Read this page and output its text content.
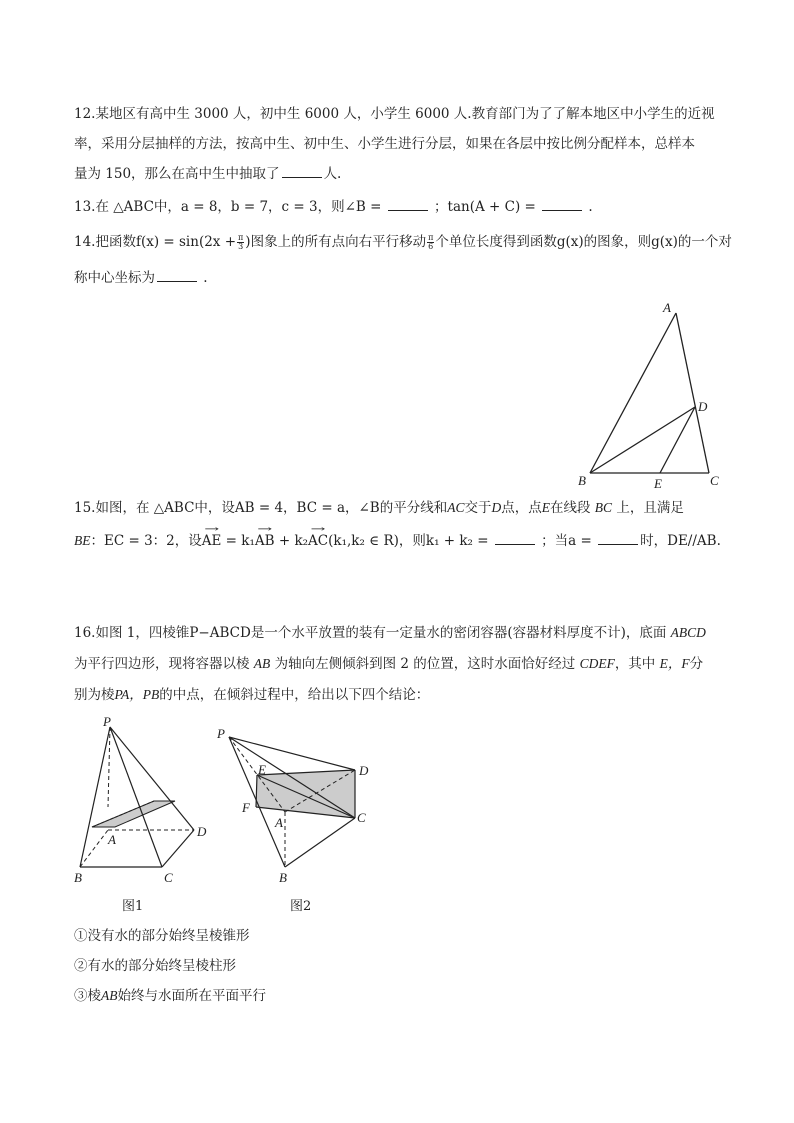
12.某地区有高中生 3000 人，初中生 6000 人，小学生 6000 人.教育部门为了了解本地区中小学生的近视
率，采用分层抽样的方法，按高中生、初中生、小学生进行分层，如果在各层中按比例分配样本，总样本
量为 150，那么在高中生中抽取了	人.
13.在 △ABC中，a = 8，b = 7，c = 3，则∠B =	；tan(A + C) =	.
14.把函数$f(x) = \sin(2x + \frac{\pi}{3}$ )图象上的所有点向右平行移动 $\frac{\pi}{6}$ 个单位长度得到函数g(x)的图象，则g(x)的一个对
称中心坐标为	.
A
B	C
D
E
15.如图，在 △ABC中，设AB = 4，BC = a，∠B的平分线和AC交于D点，点E在线段 BC 上，且满足
BE：EC = 3：2，设→ AE = k₁→ AB + k₂→ AC(k₁,k₂ ∈ R)，则k₁ + k₂ =	；当a =	时，DE//AB.
16.如图 1，四棱锥P−ABCD是一个水平放置的装有一定量水的密闭容器(容器材料厚度不计)，底面 ABCD
为平行四边形，现将容器以棱 AB 为轴向左侧倾斜到图 2 的位置，这时水面恰好经过 CDEF，其中 E，F分
别为棱PA，PB的中点，在倾斜过程中，给出以下四个结论：
P
A
B	C
D
图1
P
E
F
A
B
C
D
图2
①没有水的部分始终呈棱锥形
②有水的部分始终呈棱柱形
③棱AB始终与水面所在平面平行
